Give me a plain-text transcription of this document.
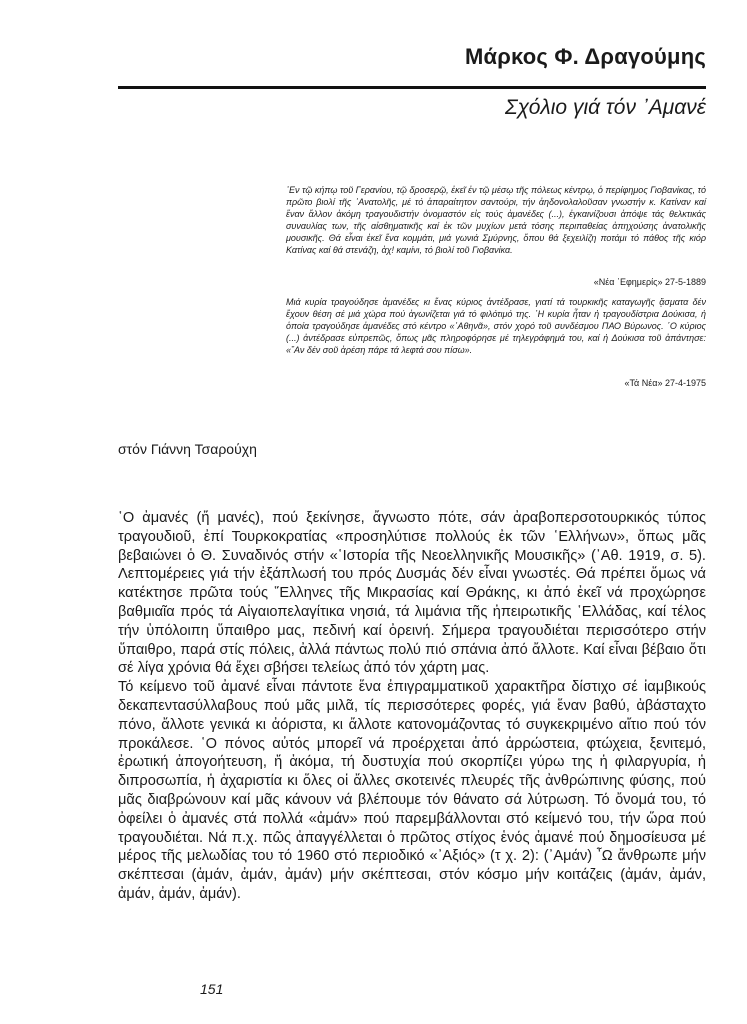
Μάρκος Φ. Δραγούμης
Σχόλιο γιά τόν ᾿Αμανέ
᾿Εν τῷ κήπῳ τοῦ Γερανίου, τῷ δροσερῷ, ἐκεῖ ἐν τῷ μέσῳ τῆς πόλεως κέντρῳ, ὁ περίφημος Γιοβανίκας, τό πρῶτο βιολί τῆς ᾿Ανατολῆς, μέ τό ἀπαραίτητον σαντούρι, τήν ἀηδονολαλοῦσαν γνωστήν κ. Κατίναν καί ἕναν ἄλλον ἀκόμη τραγουδιστήν ὀνομαστόν εἰς τούς ἀμανέδες (...), ἐγκαινίζουσι ἀπόψε τάς θελκτικάς συναυλίας των, τῆς αἰσθηματικῆς καί ἐκ τῶν μυχίων μετά τόσης περιπαθείας ἀπηχούσης ἀνατολικῆς μουσικῆς. Θά εἶναι ἐκεῖ ἕνα κομμάτι, μιά γωνιά Σμύρνης, ὅπου θά ξεχειλίζη ποτάμι τό πάθος τῆς κιόρ Κατίνας καί θά στενάζη, ἀχ! καμίνι, τό βιολί τοῦ Γιοβανίκα.
«Νέα ᾿Εφημερίς» 27-5-1889
Μιά κυρία τραγούδησε ἀμανέδες κι ἕνας κύριος ἀντέδρασε, γιατί τά τουρκικῆς καταγωγῆς ᾄσματα δέν ἔχουν θέση σέ μιά χώρα πού ἀγωνίζεται γιά τό φιλότιμό της. ῾Η κυρία ἦταν ἡ τραγουδίστρια Δούκισα, ἡ ὁποία τραγούδησε ἀμανέδες στό κέντρο «᾿Αθηνᾶ», στόν χορό τοῦ συνδέσμου ΠΑΟ Βύρωνος. ῾Ο κύριος (...) ἀντέδρασε εὐπρεπῶς, ὅπως μᾶς πληροφόρησε μέ τηλεγράφημά του, καί ἡ Δούκισα τοῦ ἀπάντησε: «῎Αν δέν σοῦ ἀρέση πάρε τά λεφτά σου πίσω».
«Τά Νέα» 27-4-1975
στόν Γιάννη Τσαρούχη

῾Ο ἀμανές (ἤ μανές), πού ξεκίνησε, ἄγνωστο πότε, σάν ἀραβοπερσοτουρκικός τύπος τραγουδιοῦ, ἐπί Τουρκοκρατίας «προσηλύτισε πολλούς ἐκ τῶν ῾Ελλήνων», ὅπως μᾶς βεβαιώνει ὁ Θ. Συναδινός στήν «῾Ιστορία τῆς Νεοελληνικῆς Μουσικῆς» (᾿Αθ. 1919, σ. 5). Λεπτομέρειες γιά τήν ἐξάπλωσή του πρός Δυσμάς δέν εἶναι γνωστές. Θά πρέπει ὅμως νά κατέκτησε πρῶτα τούς ῞Ελληνες τῆς Μικρασίας καί Θράκης, κι ἀπό ἐκεῖ νά προχώρησε βαθμιαῖα πρός τά Αἰγαιοπελαγίτικα νησιά, τά λιμάνια τῆς ἠπειρωτικῆς ῾Ελλάδας, καί τέλος τήν ὑπόλοιπη ὕπαιθρο μας, πεδινή καί ὀρεινή. Σήμερα τραγουδιέται περισσότερο στήν ὕπαιθρο, παρά στίς πόλεις, ἀλλά πάντως πολύ πιό σπάνια ἀπό ἄλλοτε. Καί εἶναι βέβαιο ὅτι σέ λίγα χρόνια θά ἔχει σβήσει τελείως ἀπό τόν χάρτη μας.

Τό κείμενο τοῦ ἀμανέ εἶναι πάντοτε ἕνα ἐπιγραμματικοῦ χαρακτῆρα δίστιχο σέ ἰαμβικούς δεκαπεντασύλλαβους πού μᾶς μιλᾶ, τίς περισσότερες φορές, γιά ἕναν βαθύ, ἀβάσταχτο πόνο, ἄλλοτε γενικά κι ἀόριστα, κι ἄλλοτε κατονομάζοντας τό συγκεκριμένο αἴτιο πού τόν προκάλεσε. ῾Ο πόνος αὐτός μπορεῖ νά προέρχεται ἀπό ἀρρώστεια, φτώχεια, ξενιτεμό, ἐρωτική ἀπογοήτευση, ἤ ἀκόμα, τή δυστυχία πού σκορπίζει γύρω της ἡ φιλαργυρία, ἡ διπροσωπία, ἡ ἀχαριστία κι ὅλες οἱ ἄλλες σκοτεινές πλευρές τῆς ἀνθρώπινης φύσης, πού μᾶς διαβρώνουν καί μᾶς κάνουν νά βλέπουμε τόν θάνατο σά λύτρωση. Τό ὄνομά του, τό ὀφείλει ὁ ἀμανές στά πολλά «ἀμάν» πού παρεμβάλλονται στό κείμενό του, τήν ὥρα πού τραγουδιέται. Νά π.χ. πῶς ἀπαγγέλλεται ὁ πρῶτος στίχος ἑνός ἀμανέ πού δημοσίευσα μέ μέρος τῆς μελωδίας του τό 1960 στό περιοδικό «᾿Αξιός» (τ χ. 2): (᾿Αμάν) ῏Ω ἄνθρωπε μήν σκέπτεσαι (ἀμάν, ἀμάν, ἀμάν) μήν σκέπτεσαι, στόν κόσμο μήν κοιτάζεις (ἀμάν, ἀμάν, ἀμάν, ἀμάν, ἀμάν).

151
